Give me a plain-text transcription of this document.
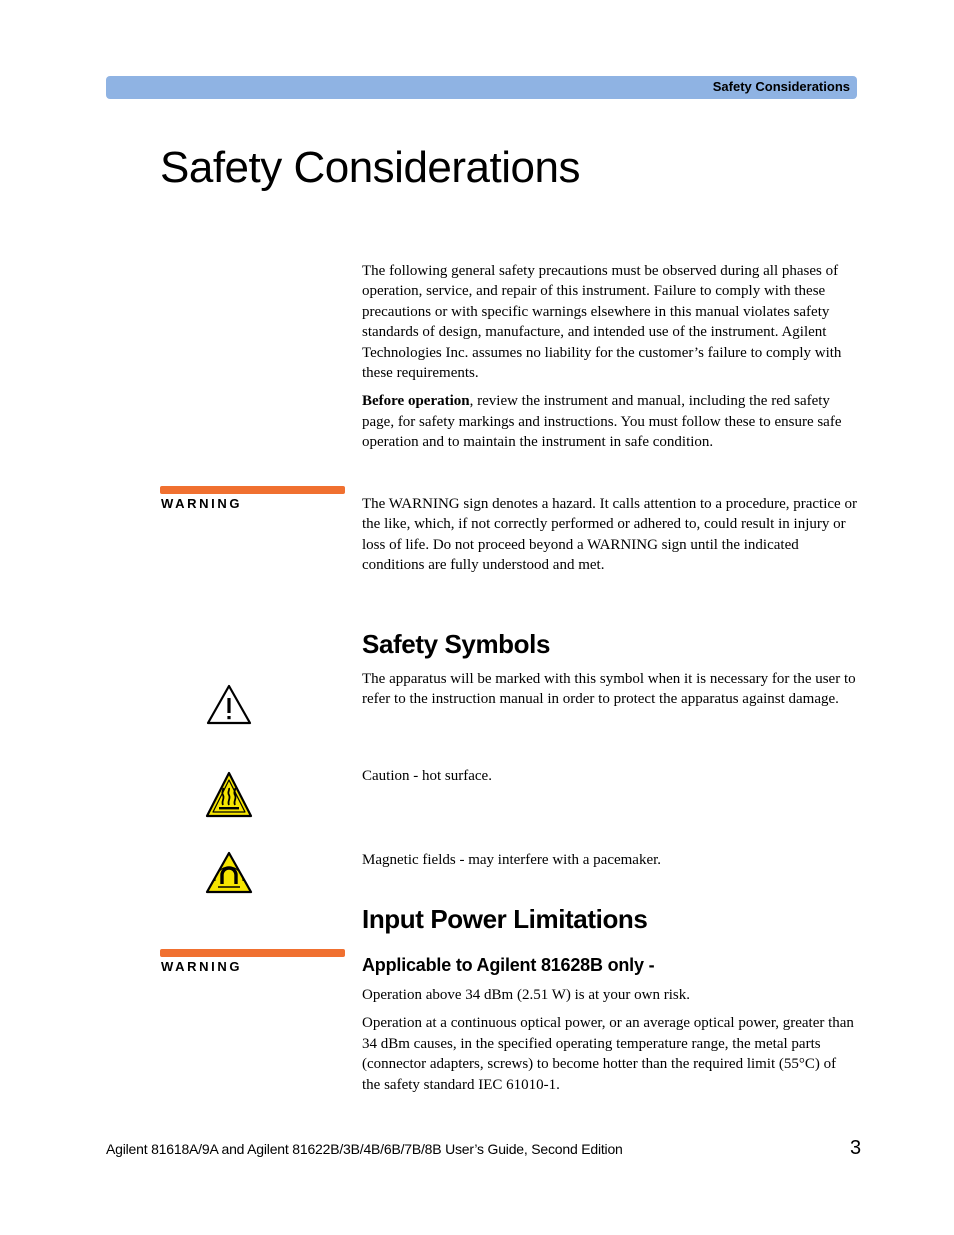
Safety Considerations
Safety Considerations

The following general safety precautions must be observed during all phases of operation, service, and repair of this instrument. Failure to comply with these precautions or with specific warnings elsewhere in this manual violates safety standards of design, manufacture, and intended use of the instrument. Agilent Technologies Inc. assumes no liability for the customer’s failure to comply with these requirements.

Before operation, review the instrument and manual, including the red safety page, for safety markings and instructions. You must follow these to ensure safe operation and to maintain the instrument in safe condition.

WARNING	The WARNING sign denotes a hazard. It calls attention to a procedure, practice or the like, which, if not correctly performed or adhered to, could result in injury or loss of life. Do not proceed beyond a WARNING sign until the indicated conditions are fully understood and met.
Safety Symbols
The apparatus will be marked with this symbol when it is necessary for the user to refer to the instruction manual in order to protect the apparatus against damage.
Caution - hot surface.
Magnetic fields - may interfere with a pacemaker.
Input Power Limitations
WARNING	Applicable to Agilent 81628B only -

Operation above 34 dBm (2.51 W) is at your own risk.

Operation at a continuous optical power, or an average optical power, greater than 34 dBm causes, in the specified operating temperature range, the metal parts (connector adapters, screws) to become hotter than the required limit (55°C) of the safety standard IEC 61010-1.

Agilent 81618A/9A and Agilent 81622B/3B/4B/6B/7B/8B User’s Guide, Second Edition	3
